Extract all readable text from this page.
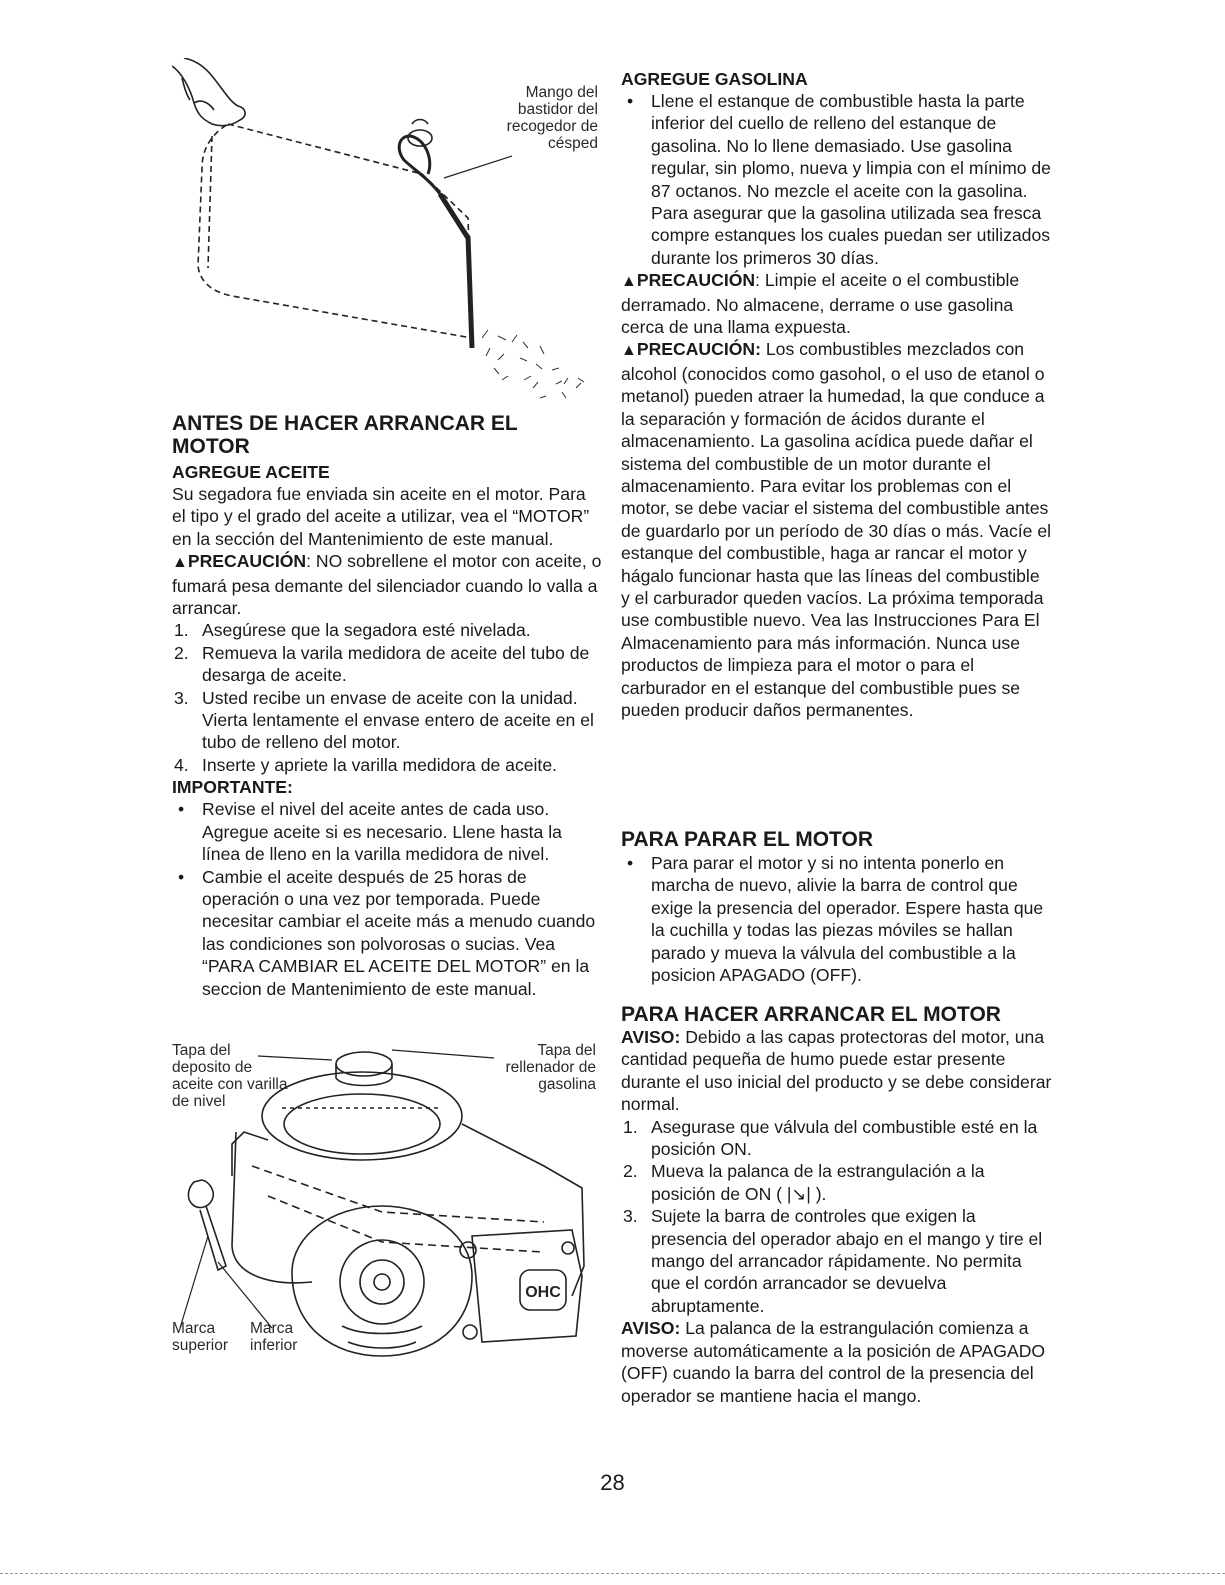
Mango del bastidor del recogedor de césped
ANTES DE HACER ARRANCAR EL MOTOR

AGREGUE ACEITE

Su segadora fue enviada sin aceite en el motor. Para el tipo y el grado del aceite a utilizar, vea el “MOTOR” en la sección del Mantenimiento de este manual.

▲PRECAUCIÓN: NO sobrellene el motor con aceite, o fumará pesa demante del silenciador cuando lo valla a arrancar.

1. Asegúrese que la segadora esté nivelada.
2. Remueva la varila medidora de aceite del tubo de desarga de aceite.
3. Usted recibe un envase de aceite con la unidad. Vierta lentamente el envase entero de aceite en el tubo de relleno del motor.
4. Inserte y apriete la varilla medidora de aceite.

IMPORTANTE:

• Revise el nivel del aceite antes de cada uso. Agregue aceite si es necesario. Llene hasta la línea de lleno en la varilla medidora de nivel.
• Cambie el aceite después de 25 horas de operación o una vez por temporada. Puede necesitar cambiar el aceite más a menudo cuando las condiciones son polvorosas o sucias. Vea “PARA CAMBIAR EL ACEITE DEL MOTOR” en la seccion de Mantenimiento de este manual.
OHC
Tapa del deposito de aceite con varilla de nivel
Tapa del rellenador de gasolina
Marca superior
Marca inferior

AGREGUE GASOLINA

• Llene el estanque de combustible hasta la parte inferior del cuello de relleno del estanque de gasolina. No lo llene demasiado. Use gasolina regular, sin plomo, nueva y limpia con el mínimo de 87 octanos. No mezcle el aceite con la gasolina. Para asegurar que la gasolina utilizada sea fresca compre estanques los cuales puedan ser utilizados durante los primeros 30 días.

▲PRECAUCIÓN: Limpie el aceite o el combustible derramado. No almacene, derrame o use gasolina cerca de una llama expuesta.

▲PRECAUCIÓN: Los combustibles mezclados con alcohol (conocidos como gasohol, o el uso de etanol o metanol) pueden atraer la humedad, la que conduce a la separación y formación de ácidos durante el almacenamiento. La gasolina acídica puede dañar el sistema del combustible de un motor durante el almacenamiento. Para evitar los problemas con el motor, se debe vaciar el sistema del combustible antes de guardarlo por un período de 30 días o más. Vacíe el estanque del combustible, haga ar rancar el motor y hágalo funcionar hasta que las líneas del combustible y el carburador queden vacíos. La próxima temporada use combustible nuevo. Vea las Instrucciones Para El Almacenamiento para más información. Nunca use productos de limpieza para el motor o para el carburador en el estanque del combustible pues se pueden producir daños permanentes.

PARA PARAR EL MOTOR
• Para parar el motor y si no intenta ponerlo en marcha de nuevo, alivie la barra de control que exige la presencia del operador. Espere hasta que la cuchilla y todas las piezas móviles se hallan parado y mueva la válvula del combustible a la posicion APAGADO (OFF).
PARA HACER ARRANCAR EL MOTOR

AVISO: Debido a las capas protectoras del motor, una cantidad pequeña de humo puede estar presente durante el uso inicial del producto y se debe considerar normal.

1. Asegurase que válvula del combustible esté en la posición ON.
2. Mueva la palanca de la estrangulación a la posición de ON ( |↘| ).
3. Sujete la barra de controles que exigen la presencia del operador abajo en el mango y tire el mango del arrancador rápidamente. No permita que el cordón arrancador se devuelva abruptamente.

AVISO: La palanca de la estrangulación comienza a moverse automáticamente a la posición de APAGADO (OFF) cuando la barra del control de la presencia del operador se mantiene hacia el mango.

28
